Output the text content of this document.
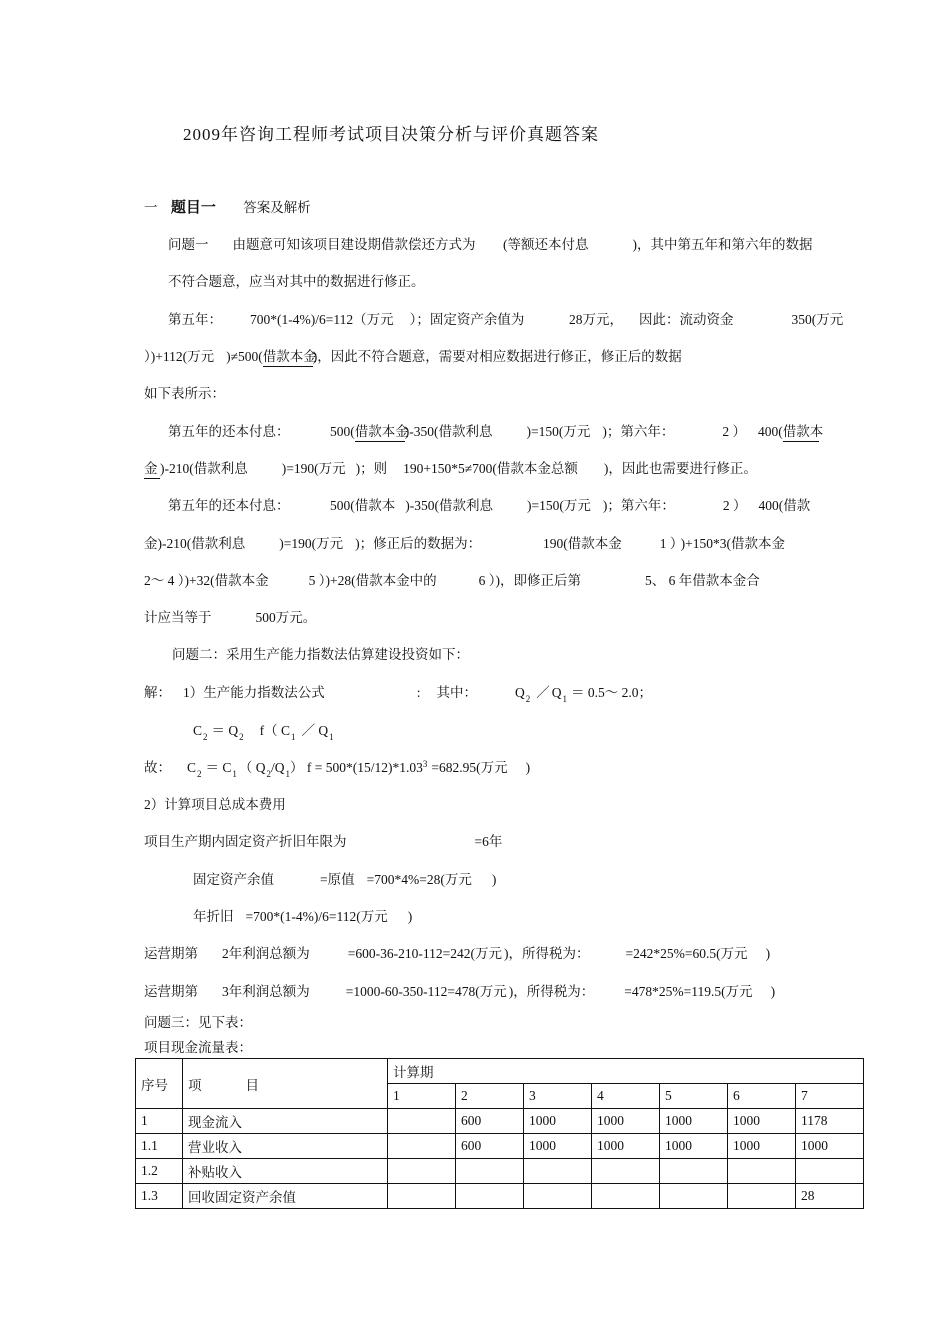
2009年咨询工程师考试项目决策分析与评价真题答案
一 题目一 答案及解析
问题一 由题意可知该项目建设期借款偿还方式为 (等额还本付息	)，其中第五年和第六年的数据
不符合题意，应当对其中的数据进行修正。
第五年： 700*(1-4%)/6=112（万元 ）；固定资产余值为	28万元， 因此：流动资金	350(万元
）)+112(万元 )≠500(借款本金)，因此不符合题意，需要对相应数据进行修正，修正后的数据
如下表所示：
第五年的还本付息：	500(借款本金)-350(借款利息	)=150(万元 )；第六年：	2 ） 400(借款本
金 )-210(借款利息	)=190(万元 )；则 190+150*5≠700(借款本金总额 )，因此也需要进行修正。
第五年的还本付息：	500(借款本 )-350(借款利息	)=150(万元 )；第六年：	2 ） 400(借款
金)-210(借款利息	)=190(万元 )；修正后的数据为：	190(借款本金	1 ） )+150*3(借款本金
2～ 4 ）)+32(借款本金	5 ）)+28(借款本金中的	6 ）)，即修正后第	5、 6 年借款本金合
计应当等于	500万元。
问题二：采用生产能力指数法估算建设投资如下：
解： 1）生产能力指数法公式	: 其中：	$Q_2$ ／ $Q_1$ ＝ 0.5～ 2.0；
$C_2 = Q_2$ f（ $C_1$ ／ $Q_1$
故： $C_2 = C_1$ （ $Q_2/Q_1$） $f = 500*(15/12)*1.03^3 =682.95$(万元 )
2）计算项目总成本费用
项目生产期内固定资产折旧年限为	=6年
固定资产余值	=原值 =700*4%=28(万元 )
年折旧 =700*(1-4%)/6=112(万元 )
运营期第 2年利润总额为	=600-36-210-112=242(万元 )，所得税为：	=242*25%=60.5(万元 )
运营期第 3年利润总额为	=1000-60-350-112=478(万元 )，所得税为： =478*25%=119.5(万元 )
问题三：见下表：
项目现金流量表：
序号	项 目	计算期						
		1	2	3	4	5	6	7
1	现金流入		600	1000	1000	1000	1000	1178
1.1	营业收入		600	1000	1000	1000	1000	1000
1.2	补贴收入							
1.3	回收固定资产余值							28
